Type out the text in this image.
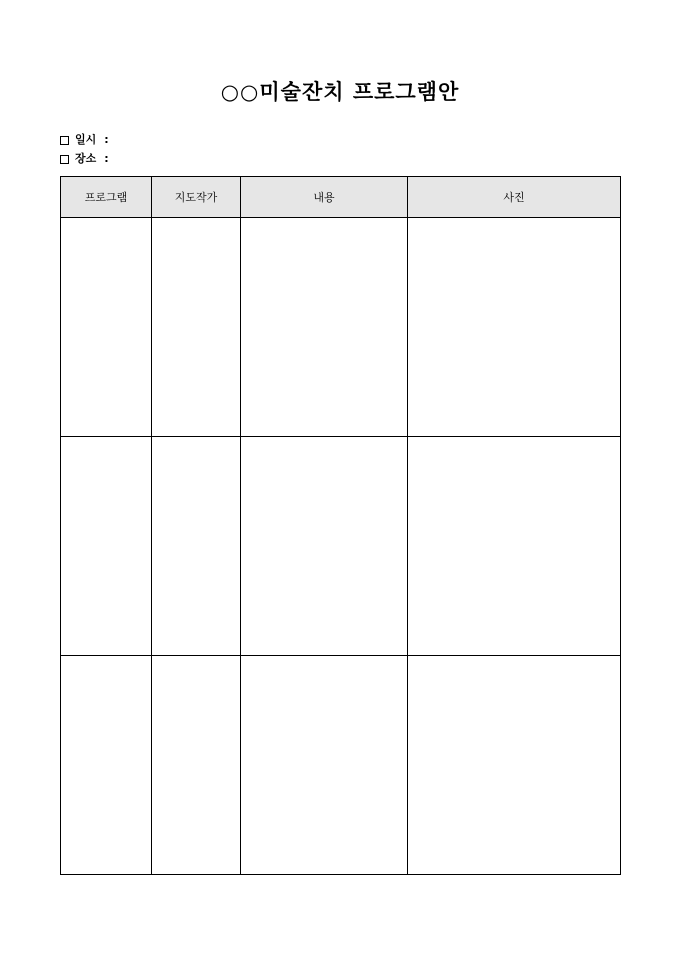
○○미술잔치 프로그램안
일시 :
장소 :
프로그램	지도작가	내용	사진
